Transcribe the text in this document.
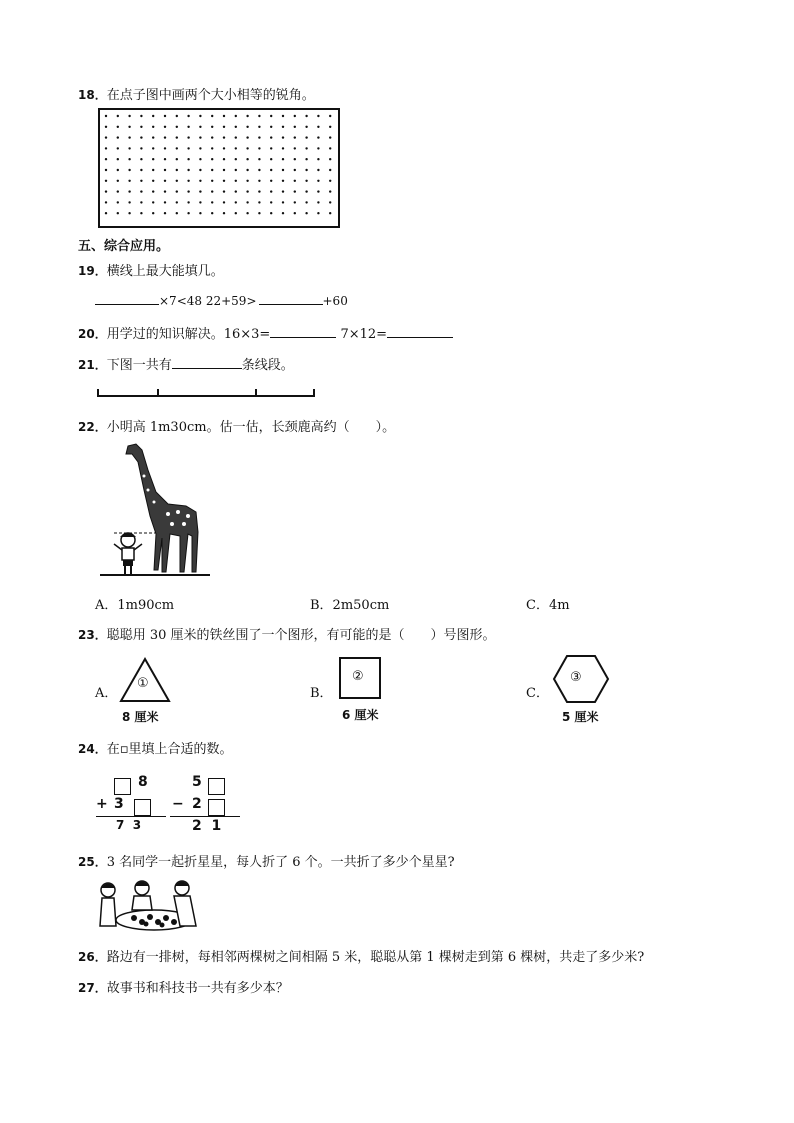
18．在点子图中画两个大小相等的锐角。
五、综合应用。
19．横线上最大能填几。
×7<48 22+59>	+60
20．用学过的知识解决。16×3=	7×12=
21．下图一共有	条线段。
22．小明高 1m30cm。估一估，长颈鹿高约（　　）。
A．1m90cm	B．2m50cm	C．4m
23．聪聪用 30 厘米的铁丝围了一个图形，有可能的是（　　）号图形。
A．
①
8 厘米
B．
②
6 厘米
C．
③
5 厘米
24．在▫里填上合适的数。
8
+ 3
7  3
5
− 2
2  1
25．3 名同学一起折星星，每人折了 6 个。一共折了多少个星星?
26．路边有一排树，每相邻两棵树之间相隔 5 米，聪聪从第 1 棵树走到第 6 棵树，共走了多少米?
27．故事书和科技书一共有多少本？
